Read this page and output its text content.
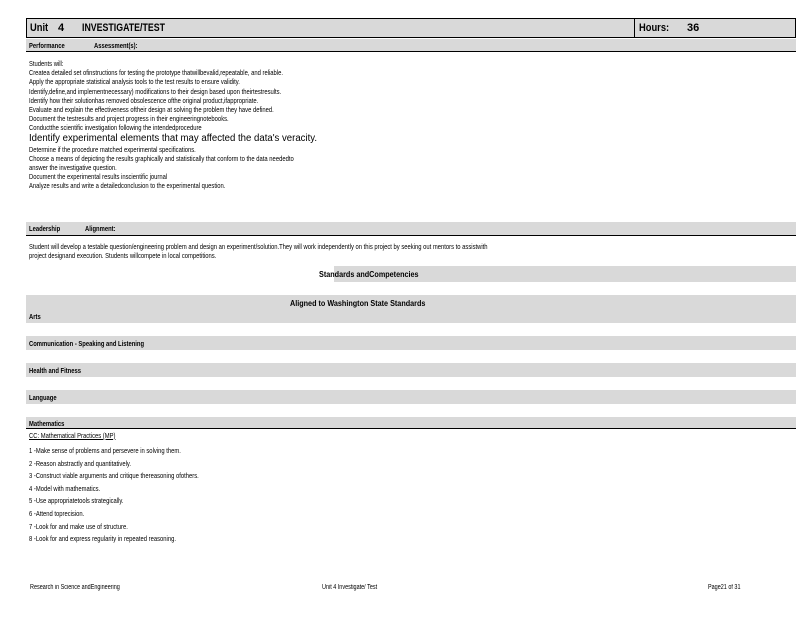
Unit 4 INVESTIGATE/TEST	Hours: 36
Performance	Assessment(s):
Students will:
Createa detailed set ofinstructions for testing the prototype thatwillbevalid,repeatable, and reliable.
Apply the appropriate statistical analysis tools to the test results to ensure validity.
Identify,define,and implementnecessary) modifications to their design based upon theirtestresults.
Identify how their solutionhas removed obsolescence ofthe original product,ifappropriate.
Evaluate and explain the effectiveness oftheir design at solving the problem they have defined.
Document the testresults and project progress in their engineeringnotebooks.
Conductthe scientific investigation following the intendedprocedure
Identify experimental elements that may affected the data's veracity.
Determine if the procedure matched experimental specifications.
Choose a means of depicting the results graphically and statistically that conform to the data neededto
answer the investigative question.
Document the experimental results inscientific journal
Analyze results and write a detailedconclusion to the experimental question.
Leadership	Alignment:
Student will develop a testable question/engineering problem and design an experiment/solution.They will work independently on this project by seeking out mentors to assistwith
project designand execution. Students willcompete in local competitions.
Standards andCompetencies
Aligned to Washington State Standards
Arts
Communication - Speaking and Listening
Health and Fitness
Language
Mathematics
CC: Mathematical Practices (MP)
1 -Make sense of problems and persevere in solving them.
2 -Reason abstractly and quantitatively.
3 -Construct viable arguments and critique thereasoning ofothers.
4 -Model with mathematics.
5 -Use appropriatetools strategically.
6 -Attend toprecision.
7 -Look for and make use of structure.
8 -Look for and express regularity in repeated reasoning.
Research in Science andEngineering	Unit 4 Investigate/ Test	Page21 of 31
